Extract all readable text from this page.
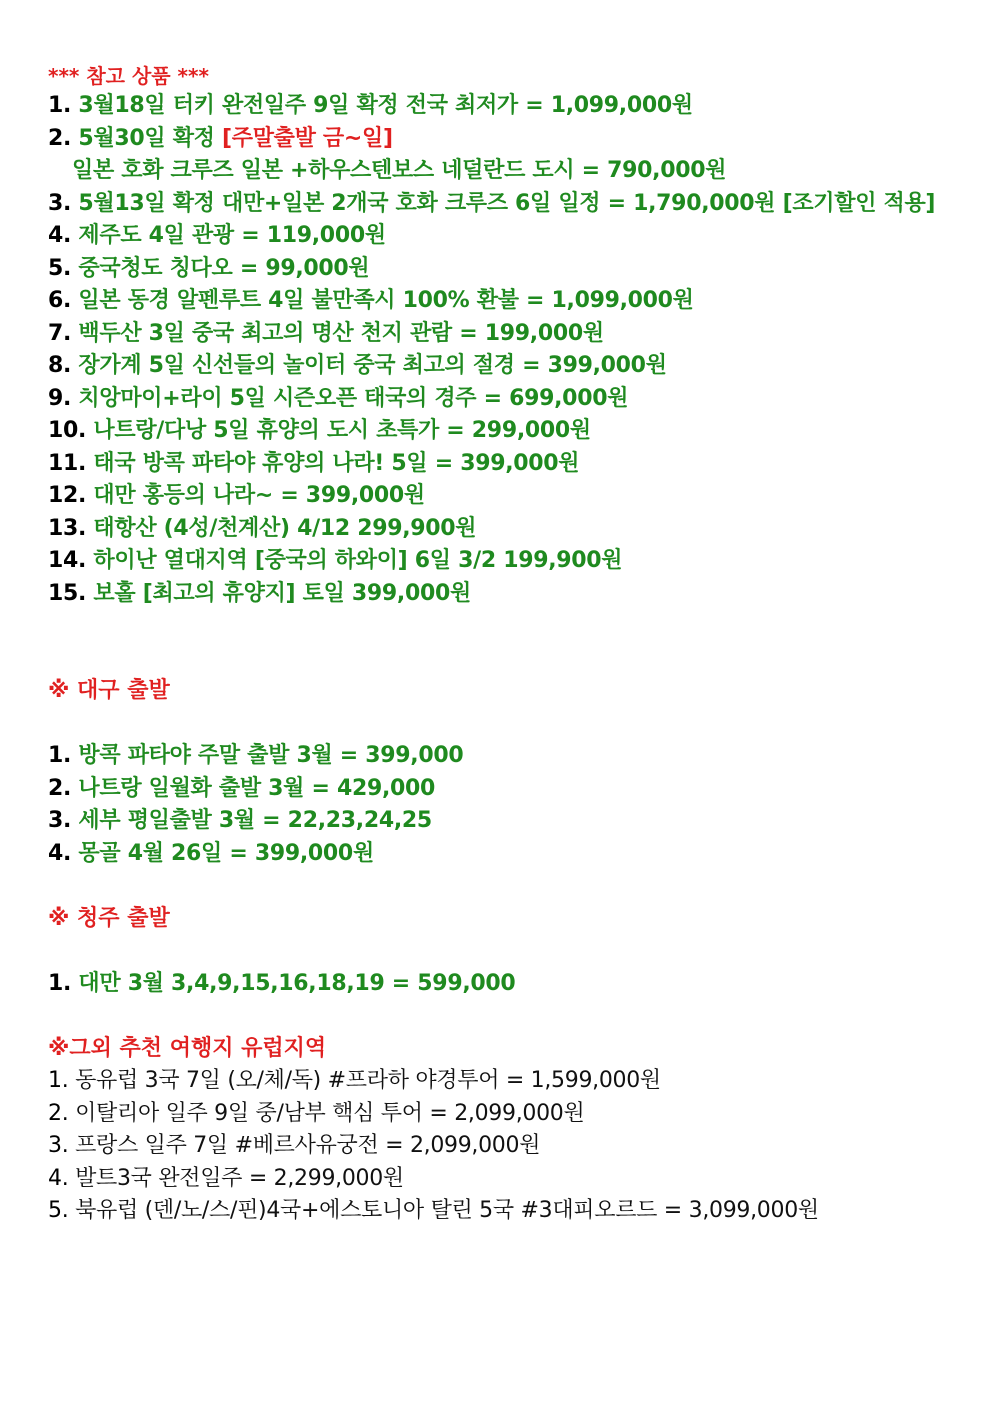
*** 참고 상품 ***
1. 3월18일 터키 완전일주 9일 확정 전국 최저가 = 1,099,000원
2. 5월30일 확정 [주말출발 금~일]
일본 호화 크루즈 일본 +하우스텐보스 네덜란드 도시 = 790,000원
3. 5월13일 확정 대만+일본 2개국 호화 크루즈 6일 일정 = 1,790,000원 [조기할인 적용]
4. 제주도 4일 관광 = 119,000원
5. 중국청도 칭다오 = 99,000원
6. 일본 동경 알펜루트 4일 불만족시 100% 환불 = 1,099,000원
7. 백두산 3일 중국 최고의 명산 천지 관람 = 199,000원
8. 장가계 5일 신선들의 놀이터 중국 최고의 절경 = 399,000원
9. 치앙마이+라이 5일 시즌오픈 태국의 경주 = 699,000원
10. 나트랑/다낭 5일 휴양의 도시 초특가 = 299,000원
11. 태국 방콕 파타야 휴양의 나라! 5일 = 399,000원
12. 대만 홍등의 나라~ = 399,000원
13. 태항산 (4성/천계산) 4/12 299,900원
14. 하이난 열대지역 [중국의 하와이] 6일 3/2 199,900원
15. 보홀 [최고의 휴양지] 토일 399,000원
※ 대구 출발
1. 방콕 파타야 주말 출발 3월 = 399,000
2. 나트랑 일월화 출발 3월 = 429,000
3. 세부 평일출발 3월 = 22,23,24,25
4. 몽골 4월 26일 = 399,000원
※ 청주 출발
1. 대만 3월 3,4,9,15,16,18,19 = 599,000
※그외 추천 여행지 유럽지역
1. 동유럽 3국 7일 (오/체/독) #프라하 야경투어 = 1,599,000원
2. 이탈리아 일주 9일 중/남부 핵심 투어 = 2,099,000원
3. 프랑스 일주 7일 #베르사유궁전 = 2,099,000원
4. 발트3국 완전일주 = 2,299,000원
5. 북유럽 (덴/노/스/핀)4국+에스토니아 탈린 5국 #3대피오르드 = 3,099,000원
